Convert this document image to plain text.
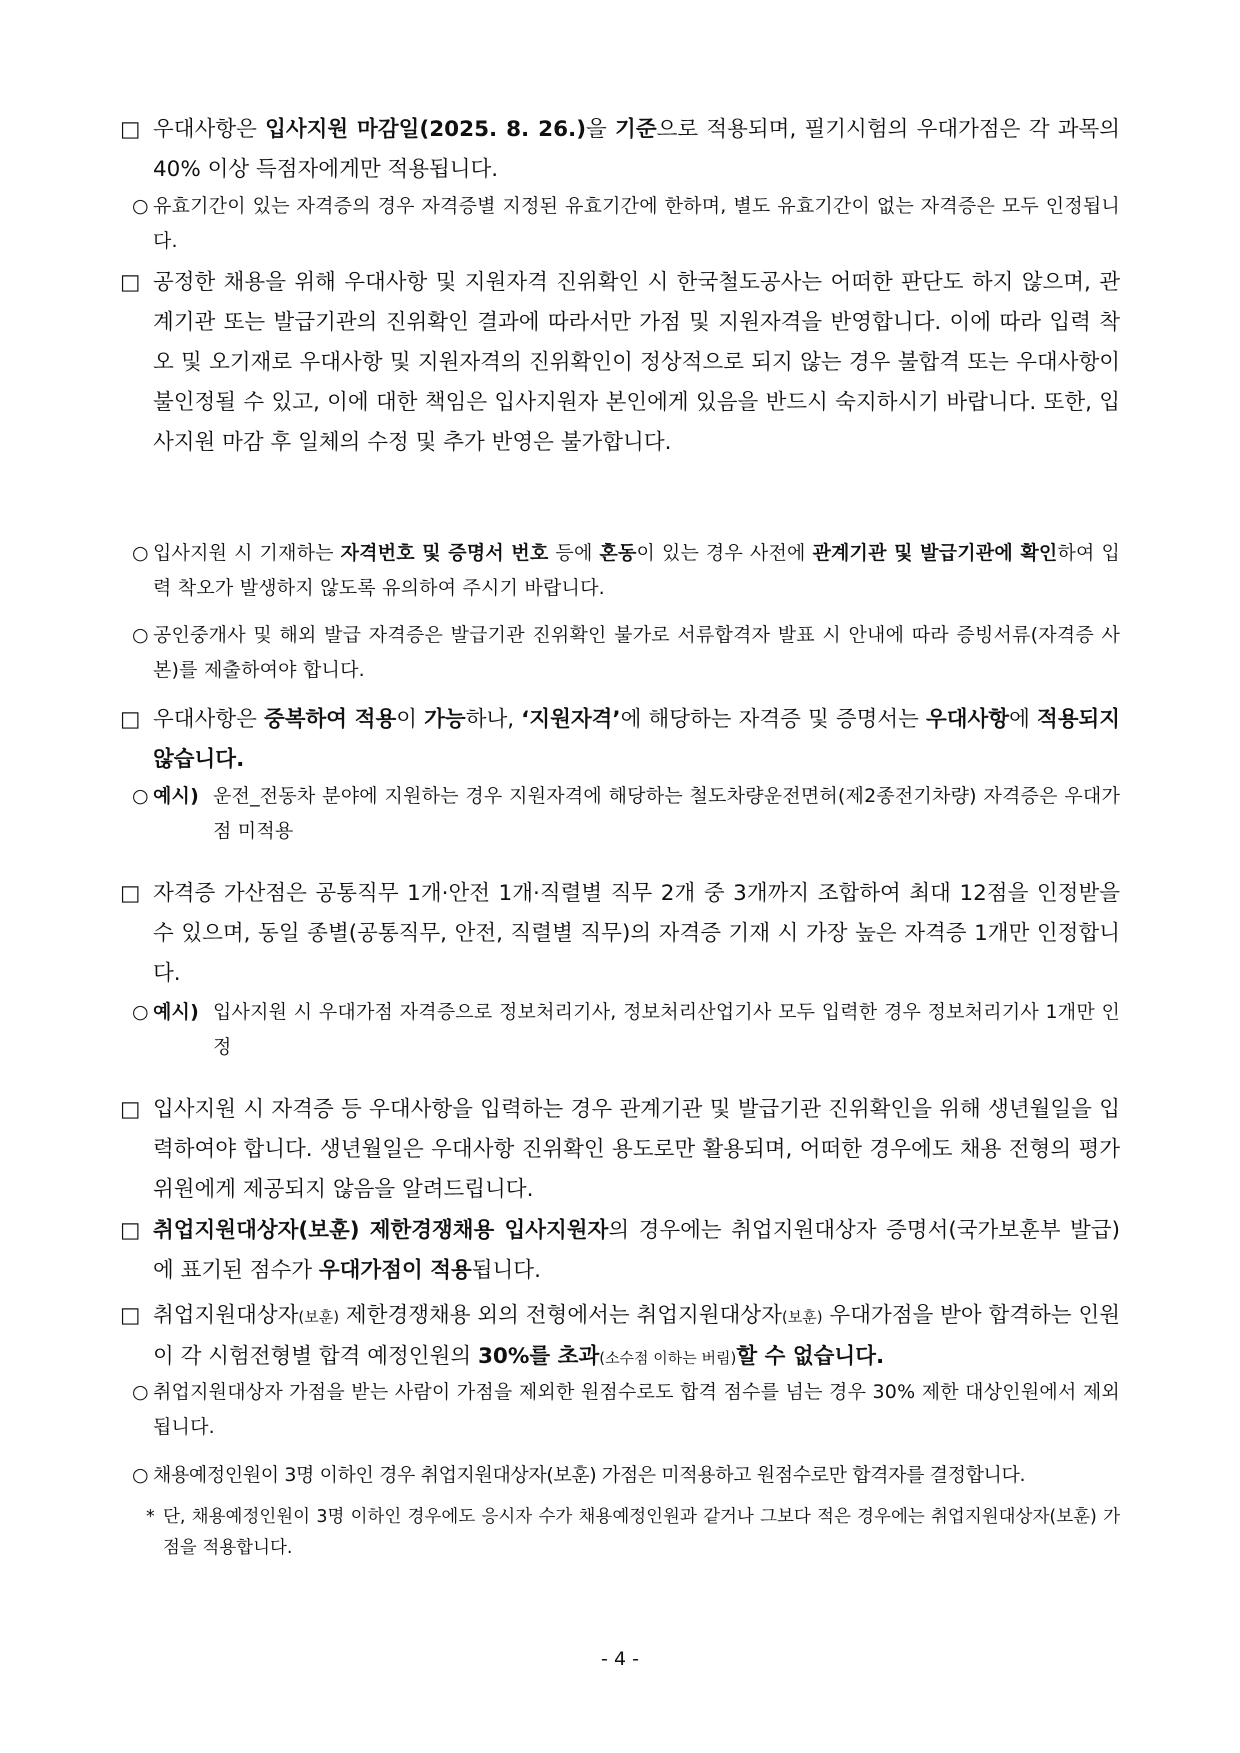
□ 우대사항은 입사지원 마감일(2025. 8. 26.)을 기준으로 적용되며, 필기시험의 우대가점은 각 과목의 40% 이상 득점자에게만 적용됩니다.
○ 유효기간이 있는 자격증의 경우 자격증별 지정된 유효기간에 한하며, 별도 유효기간이 없는 자격증은 모두 인정됩니다.
□ 공정한 채용을 위해 우대사항 및 지원자격 진위확인 시 한국철도공사는 어떠한 판단도 하지 않으며, 관계기관 또는 발급기관의 진위확인 결과에 따라서만 가점 및 지원자격을 반영합니다. 이에 따라 입력 착오 및 오기재로 우대사항 및 지원자격의 진위확인이 정상적으로 되지 않는 경우 불합격 또는 우대사항이 불인정될 수 있고, 이에 대한 책임은 입사지원자 본인에게 있음을 반드시 숙지하시기 바랍니다. 또한, 입사지원 마감 후 일체의 수정 및 추가 반영은 불가합니다.
○ 입사지원 시 기재하는 자격번호 및 증명서 번호 등에 혼동이 있는 경우 사전에 관계기관 및 발급기관에 확인하여 입력 착오가 발생하지 않도록 유의하여 주시기 바랍니다.
○ 공인중개사 및 해외 발급 자격증은 발급기관 진위확인 불가로 서류합격자 발표 시 안내에 따라 증빙서류(자격증 사본)를 제출하여야 합니다.
□ 우대사항은 중복하여 적용이 가능하나, ‘지원자격’에 해당하는 자격증 및 증명서는 우대사항에 적용되지 않습니다.
○ 예시) 운전_전동차 분야에 지원하는 경우 지원자격에 해당하는 철도차량운전면허(제2종전기차량) 자격증은 우대가점 미적용
□ 자격증 가산점은 공통직무 1개·안전 1개·직렬별 직무 2개 중 3개까지 조합하여 최대 12점을 인정받을 수 있으며, 동일 종별(공통직무, 안전, 직렬별 직무)의 자격증 기재 시 가장 높은 자격증 1개만 인정합니다.
○ 예시) 입사지원 시 우대가점 자격증으로 정보처리기사, 정보처리산업기사 모두 입력한 경우 정보처리기사 1개만 인정
□ 입사지원 시 자격증 등 우대사항을 입력하는 경우 관계기관 및 발급기관 진위확인을 위해 생년월일을 입력하여야 합니다. 생년월일은 우대사항 진위확인 용도로만 활용되며, 어떠한 경우에도 채용 전형의 평가위원에게 제공되지 않음을 알려드립니다.
□ 취업지원대상자(보훈) 제한경쟁채용 입사지원자의 경우에는 취업지원대상자 증명서(국가보훈부 발급)에 표기된 점수가 우대가점이 적용됩니다.
□ 취업지원대상자(보훈) 제한경쟁채용 외의 전형에서는 취업지원대상자(보훈) 우대가점을 받아 합격하는 인원이 각 시험전형별 합격 예정인원의 30%를 초과(소수점 이하는 버림)할 수 없습니다.
○ 취업지원대상자 가점을 받는 사람이 가점을 제외한 원점수로도 합격 점수를 넘는 경우 30% 제한 대상인원에서 제외됩니다.
○ 채용예정인원이 3명 이하인 경우 취업지원대상자(보훈) 가점은 미적용하고 원점수로만 합격자를 결정합니다.
* 단, 채용예정인원이 3명 이하인 경우에도 응시자 수가 채용예정인원과 같거나 그보다 적은 경우에는 취업지원대상자(보훈) 가점을 적용합니다.
- 4 -
